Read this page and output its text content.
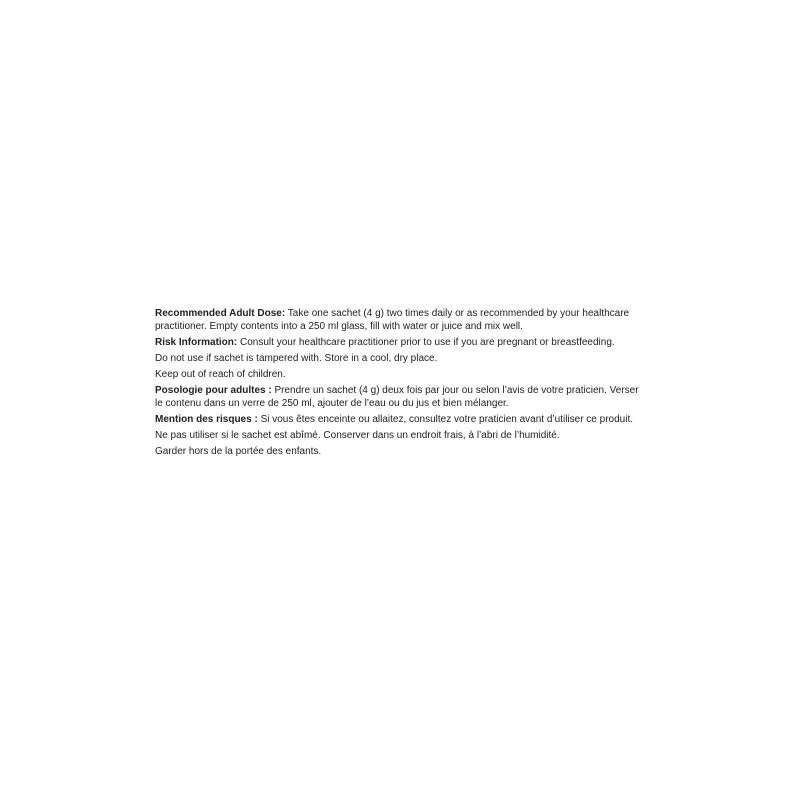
Recommended Adult Dose: Take one sachet (4 g) two times daily or as recommended by your healthcare practitioner. Empty contents into a 250 ml glass, fill with water or juice and mix well.

Risk Information: Consult your healthcare practitioner prior to use if you are pregnant or breastfeeding.

Do not use if sachet is tampered with. Store in a cool, dry place.

Keep out of reach of children.

Posologie pour adultes : Prendre un sachet (4 g) deux fois par jour ou selon l’avis de votre praticien. Verser le contenu dans un verre de 250 ml, ajouter de l’eau ou du jus et bien mélanger.

Mention des risques : Si vous êtes enceinte ou allaitez, consultez votre praticien avant d’utiliser ce produit.

Ne pas utiliser si le sachet est abîmé. Conserver dans un endroit frais, à l’abri de l’humidité.

Garder hors de la portée des enfants.
